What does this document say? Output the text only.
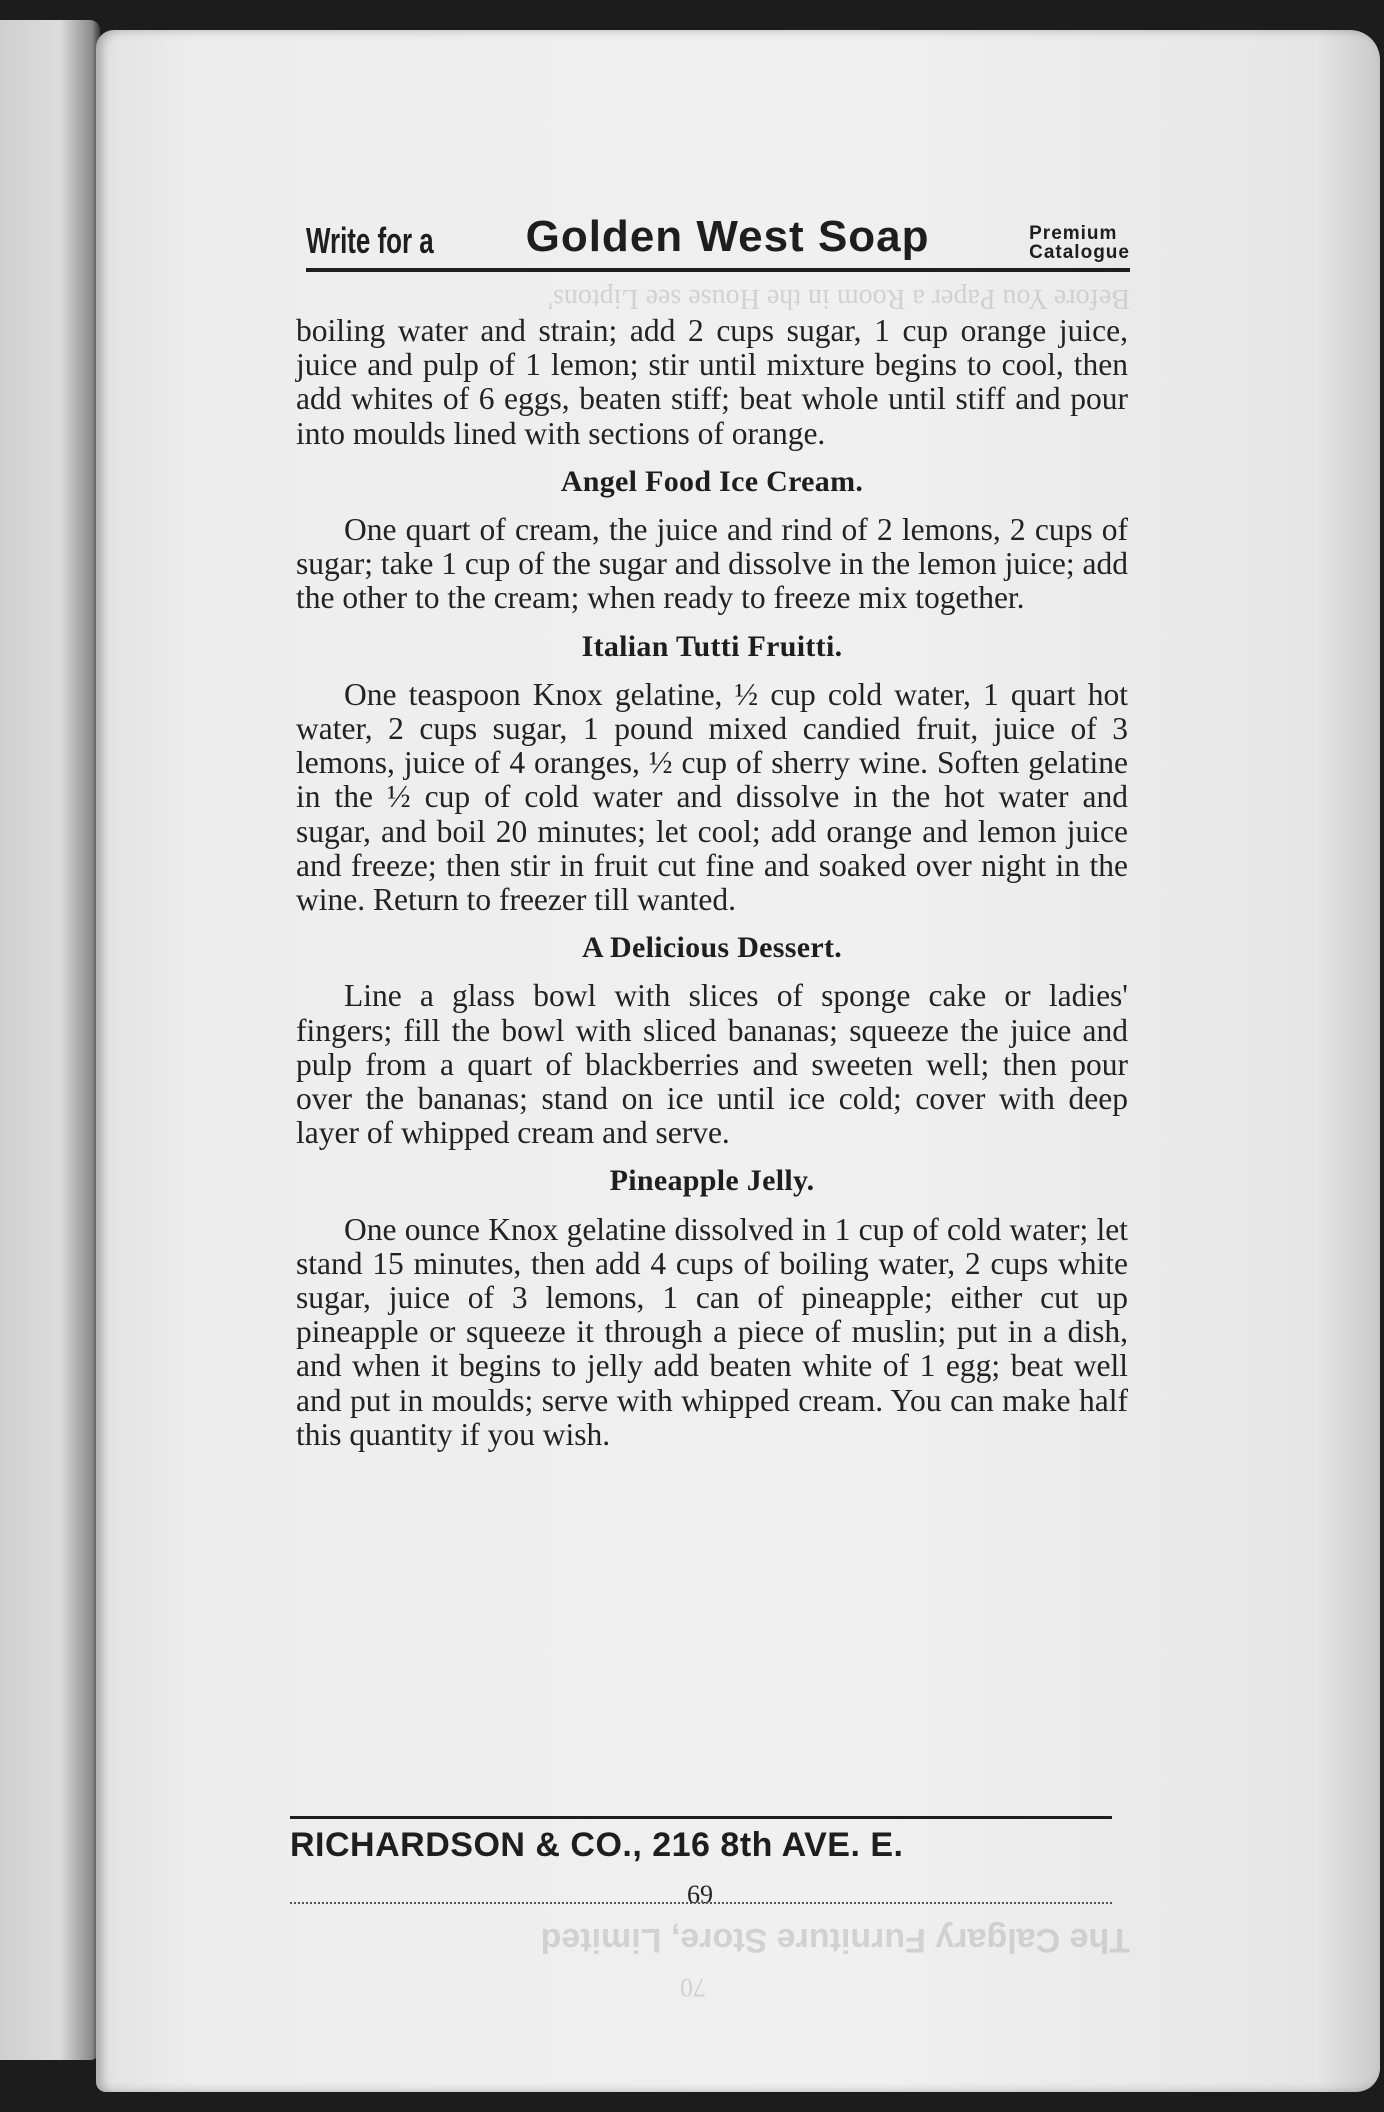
Before You Paper a Room in the House see Liptons'
The Calgary Furniture Store, Limited
70
Write for a Golden West Soap	Premium
Catalogue

boiling water and strain; add 2 cups sugar, 1 cup orange juice, juice and pulp of 1 lemon; stir until mixture begins to cool, then add whites of 6 eggs, beaten stiff; beat whole until stiff and pour into moulds lined with sections of orange.

Angel Food Ice Cream.

One quart of cream, the juice and rind of 2 lemons, 2 cups of sugar; take 1 cup of the sugar and dissolve in the lemon juice; add the other to the cream; when ready to freeze mix together.

Italian Tutti Fruitti.

One teaspoon Knox gelatine, ½ cup cold water, 1 quart hot water, 2 cups sugar, 1 pound mixed candied fruit, juice of 3 lemons, juice of 4 oranges, ½ cup of sherry wine. Soften gelatine in the ½ cup of cold water and dissolve in the hot water and sugar, and boil 20 minutes; let cool; add orange and lemon juice and freeze; then stir in fruit cut fine and soaked over night in the wine. Return to freezer till wanted.

A Delicious Dessert.

Line a glass bowl with slices of sponge cake or ladies' fingers; fill the bowl with sliced bananas; squeeze the juice and pulp from a quart of blackberries and sweeten well; then pour over the bananas; stand on ice until ice cold; cover with deep layer of whipped cream and serve.

Pineapple Jelly.

One ounce Knox gelatine dissolved in 1 cup of cold water; let stand 15 minutes, then add 4 cups of boiling water, 2 cups white sugar, juice of 3 lemons, 1 can of pineapple; either cut up pineapple or squeeze it through a piece of muslin; put in a dish, and when it begins to jelly add beaten white of 1 egg; beat well and put in moulds; serve with whipped cream. You can make half this quantity if you wish.

RICHARDSON & CO., 216 8th AVE. E.
69
